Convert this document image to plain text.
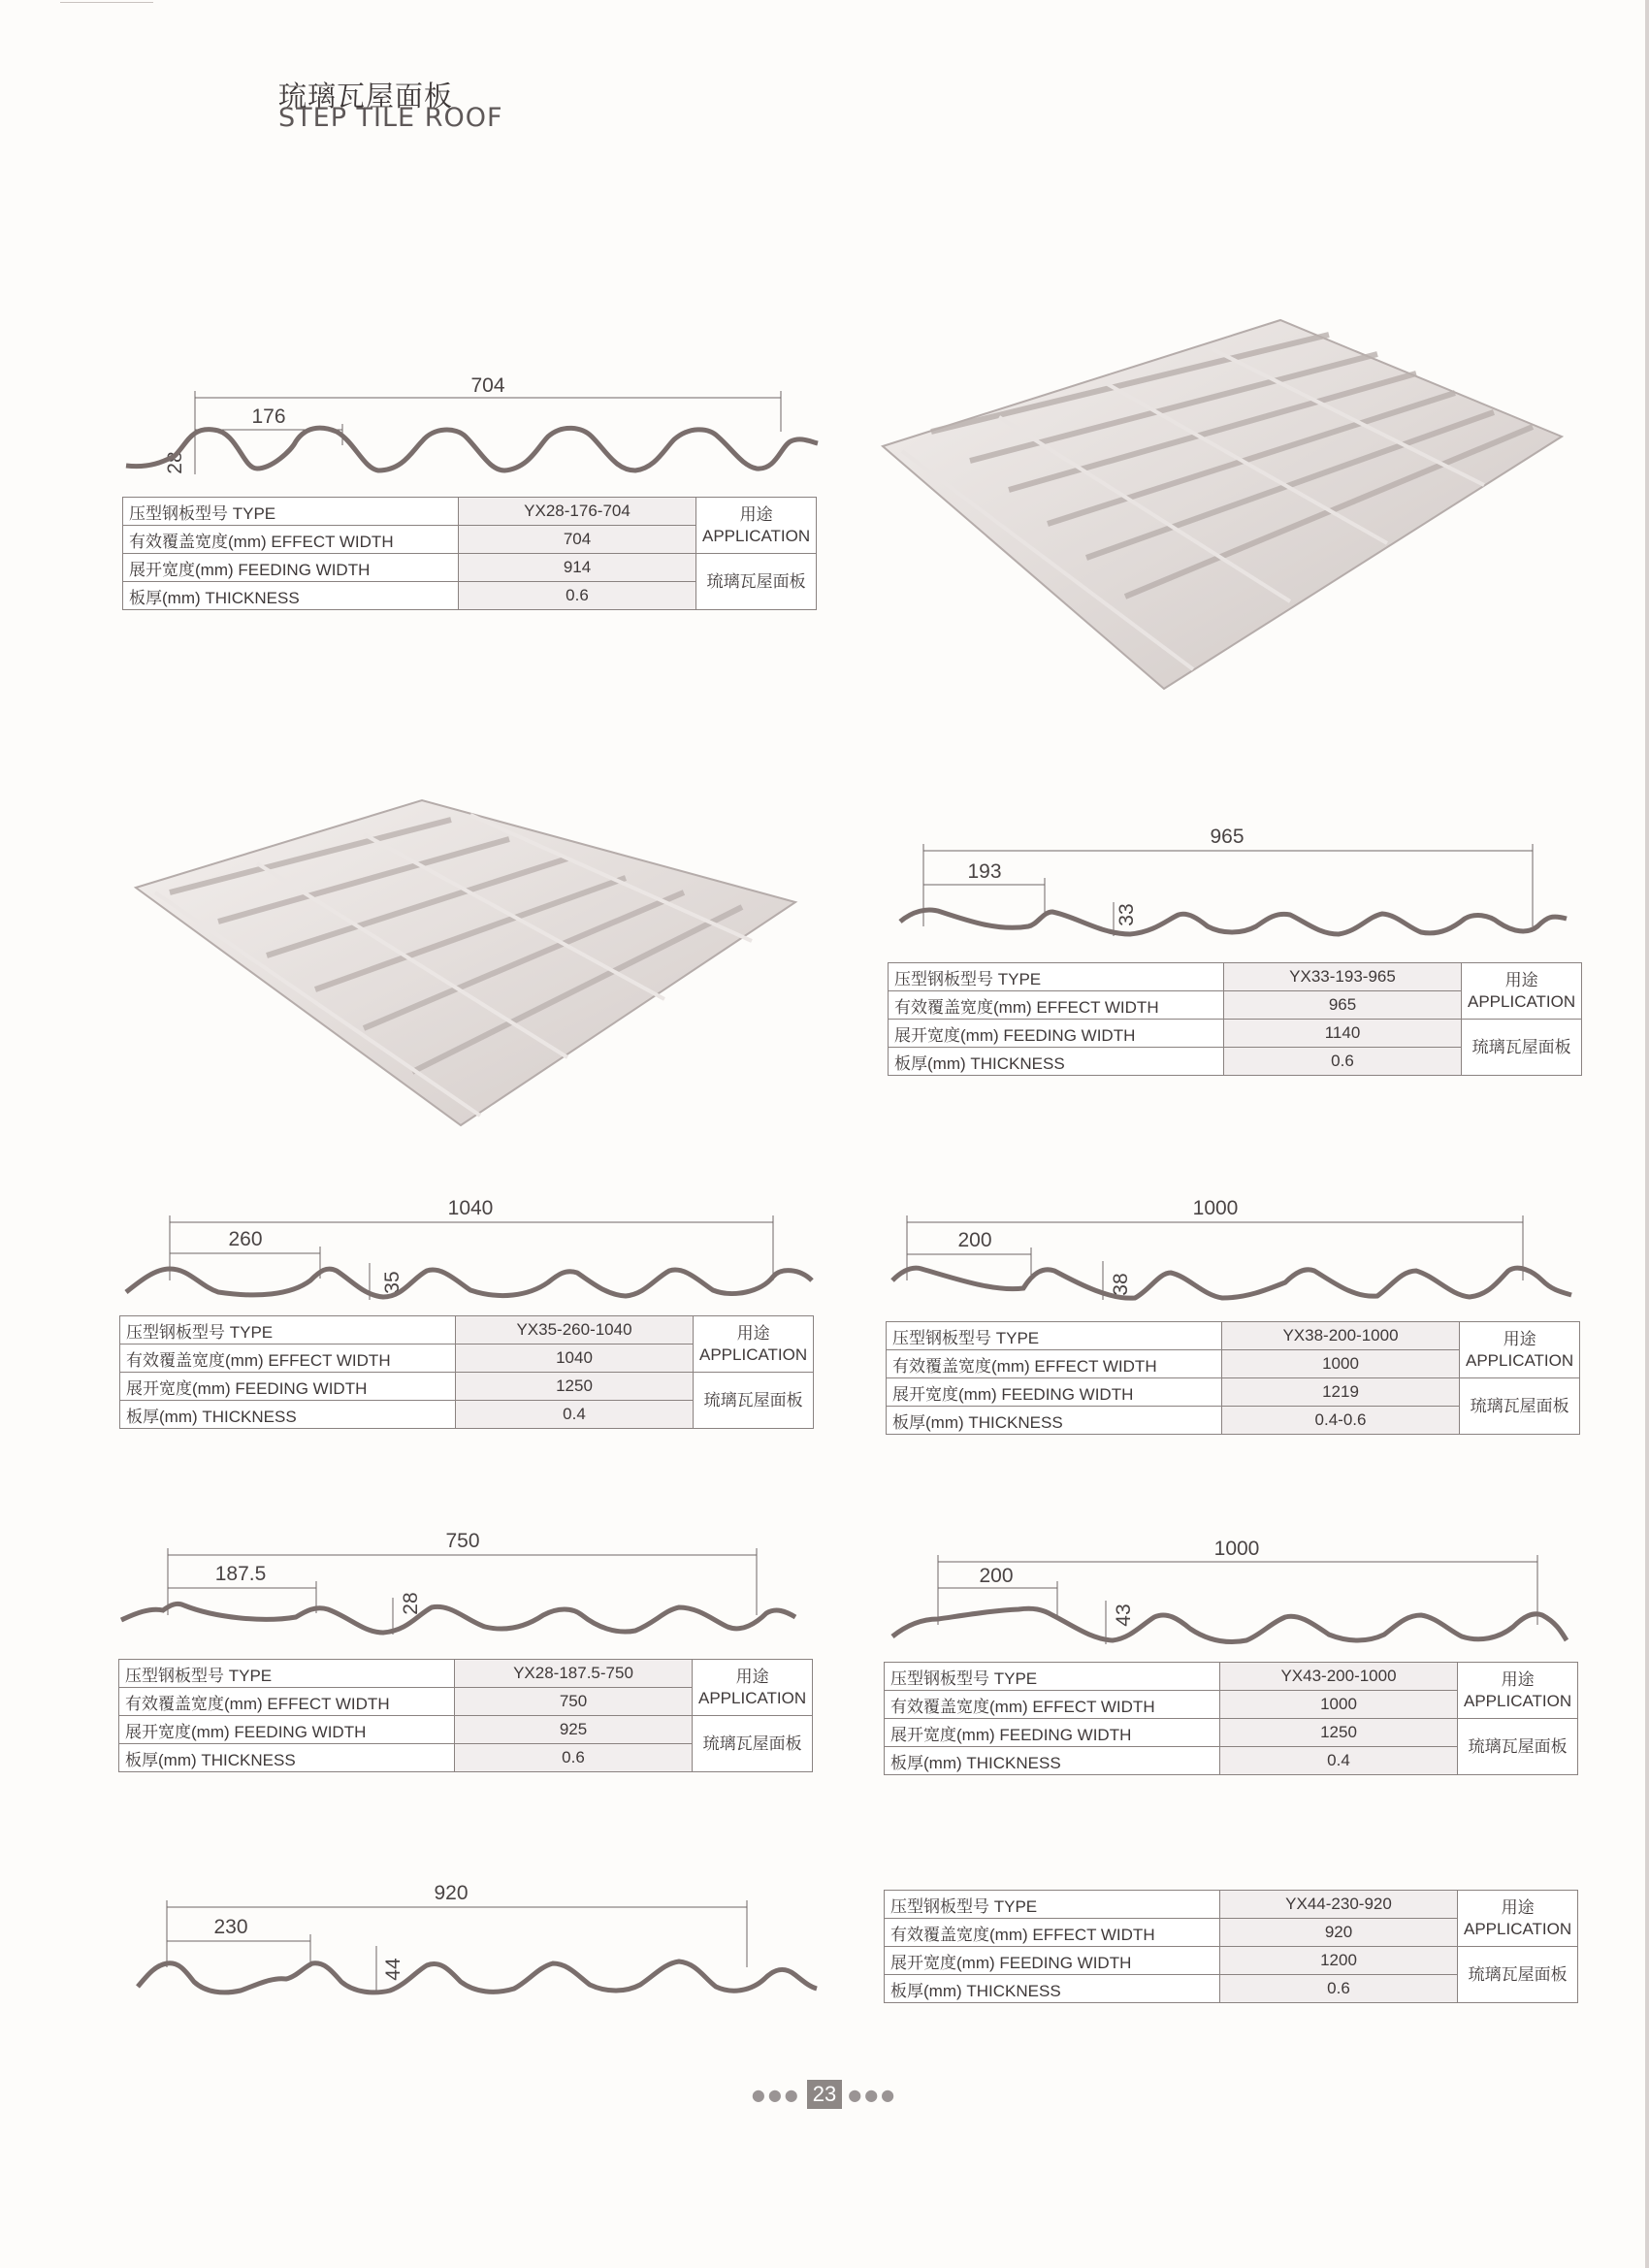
琉璃瓦屋面板
STEP TILE ROOF
704
176
28
压型钢板型号 TYPE	YX28-176-704	用途
APPLICATION

有效覆盖宽度(mm) EFFECT WIDTH	704	
展开宽度(mm) FEEDING WIDTH	914	琉璃瓦屋面板
板厚(mm) THICKNESS	0.6	
965
193
33
压型钢板型号 TYPE	YX33-193-965	用途
APPLICATION

有效覆盖宽度(mm) EFFECT WIDTH	965	
展开宽度(mm) FEEDING WIDTH	1140	琉璃瓦屋面板
板厚(mm) THICKNESS	0.6	
1040
260
35
压型钢板型号 TYPE	YX35-260-1040	用途
APPLICATION

有效覆盖宽度(mm) EFFECT WIDTH	1040	
展开宽度(mm) FEEDING WIDTH	1250	琉璃瓦屋面板
板厚(mm) THICKNESS	0.4	
1000
200
38
压型钢板型号 TYPE	YX38-200-1000	用途
APPLICATION

有效覆盖宽度(mm) EFFECT WIDTH	1000	
展开宽度(mm) FEEDING WIDTH	1219	琉璃瓦屋面板
板厚(mm) THICKNESS	0.4-0.6	
750
187.5
28
压型钢板型号 TYPE	YX28-187.5-750	用途
APPLICATION

有效覆盖宽度(mm) EFFECT WIDTH	750	
展开宽度(mm) FEEDING WIDTH	925	琉璃瓦屋面板
板厚(mm) THICKNESS	0.6	
1000
200
43
压型钢板型号 TYPE	YX43-200-1000	用途
APPLICATION

有效覆盖宽度(mm) EFFECT WIDTH	1000	
展开宽度(mm) FEEDING WIDTH	1250	琉璃瓦屋面板
板厚(mm) THICKNESS	0.4	
920
230
44
压型钢板型号 TYPE	YX44-230-920	用途
APPLICATION

有效覆盖宽度(mm) EFFECT WIDTH	920	
展开宽度(mm) FEEDING WIDTH	1200	琉璃瓦屋面板
板厚(mm) THICKNESS	0.6	
●●● 23 ●●●
